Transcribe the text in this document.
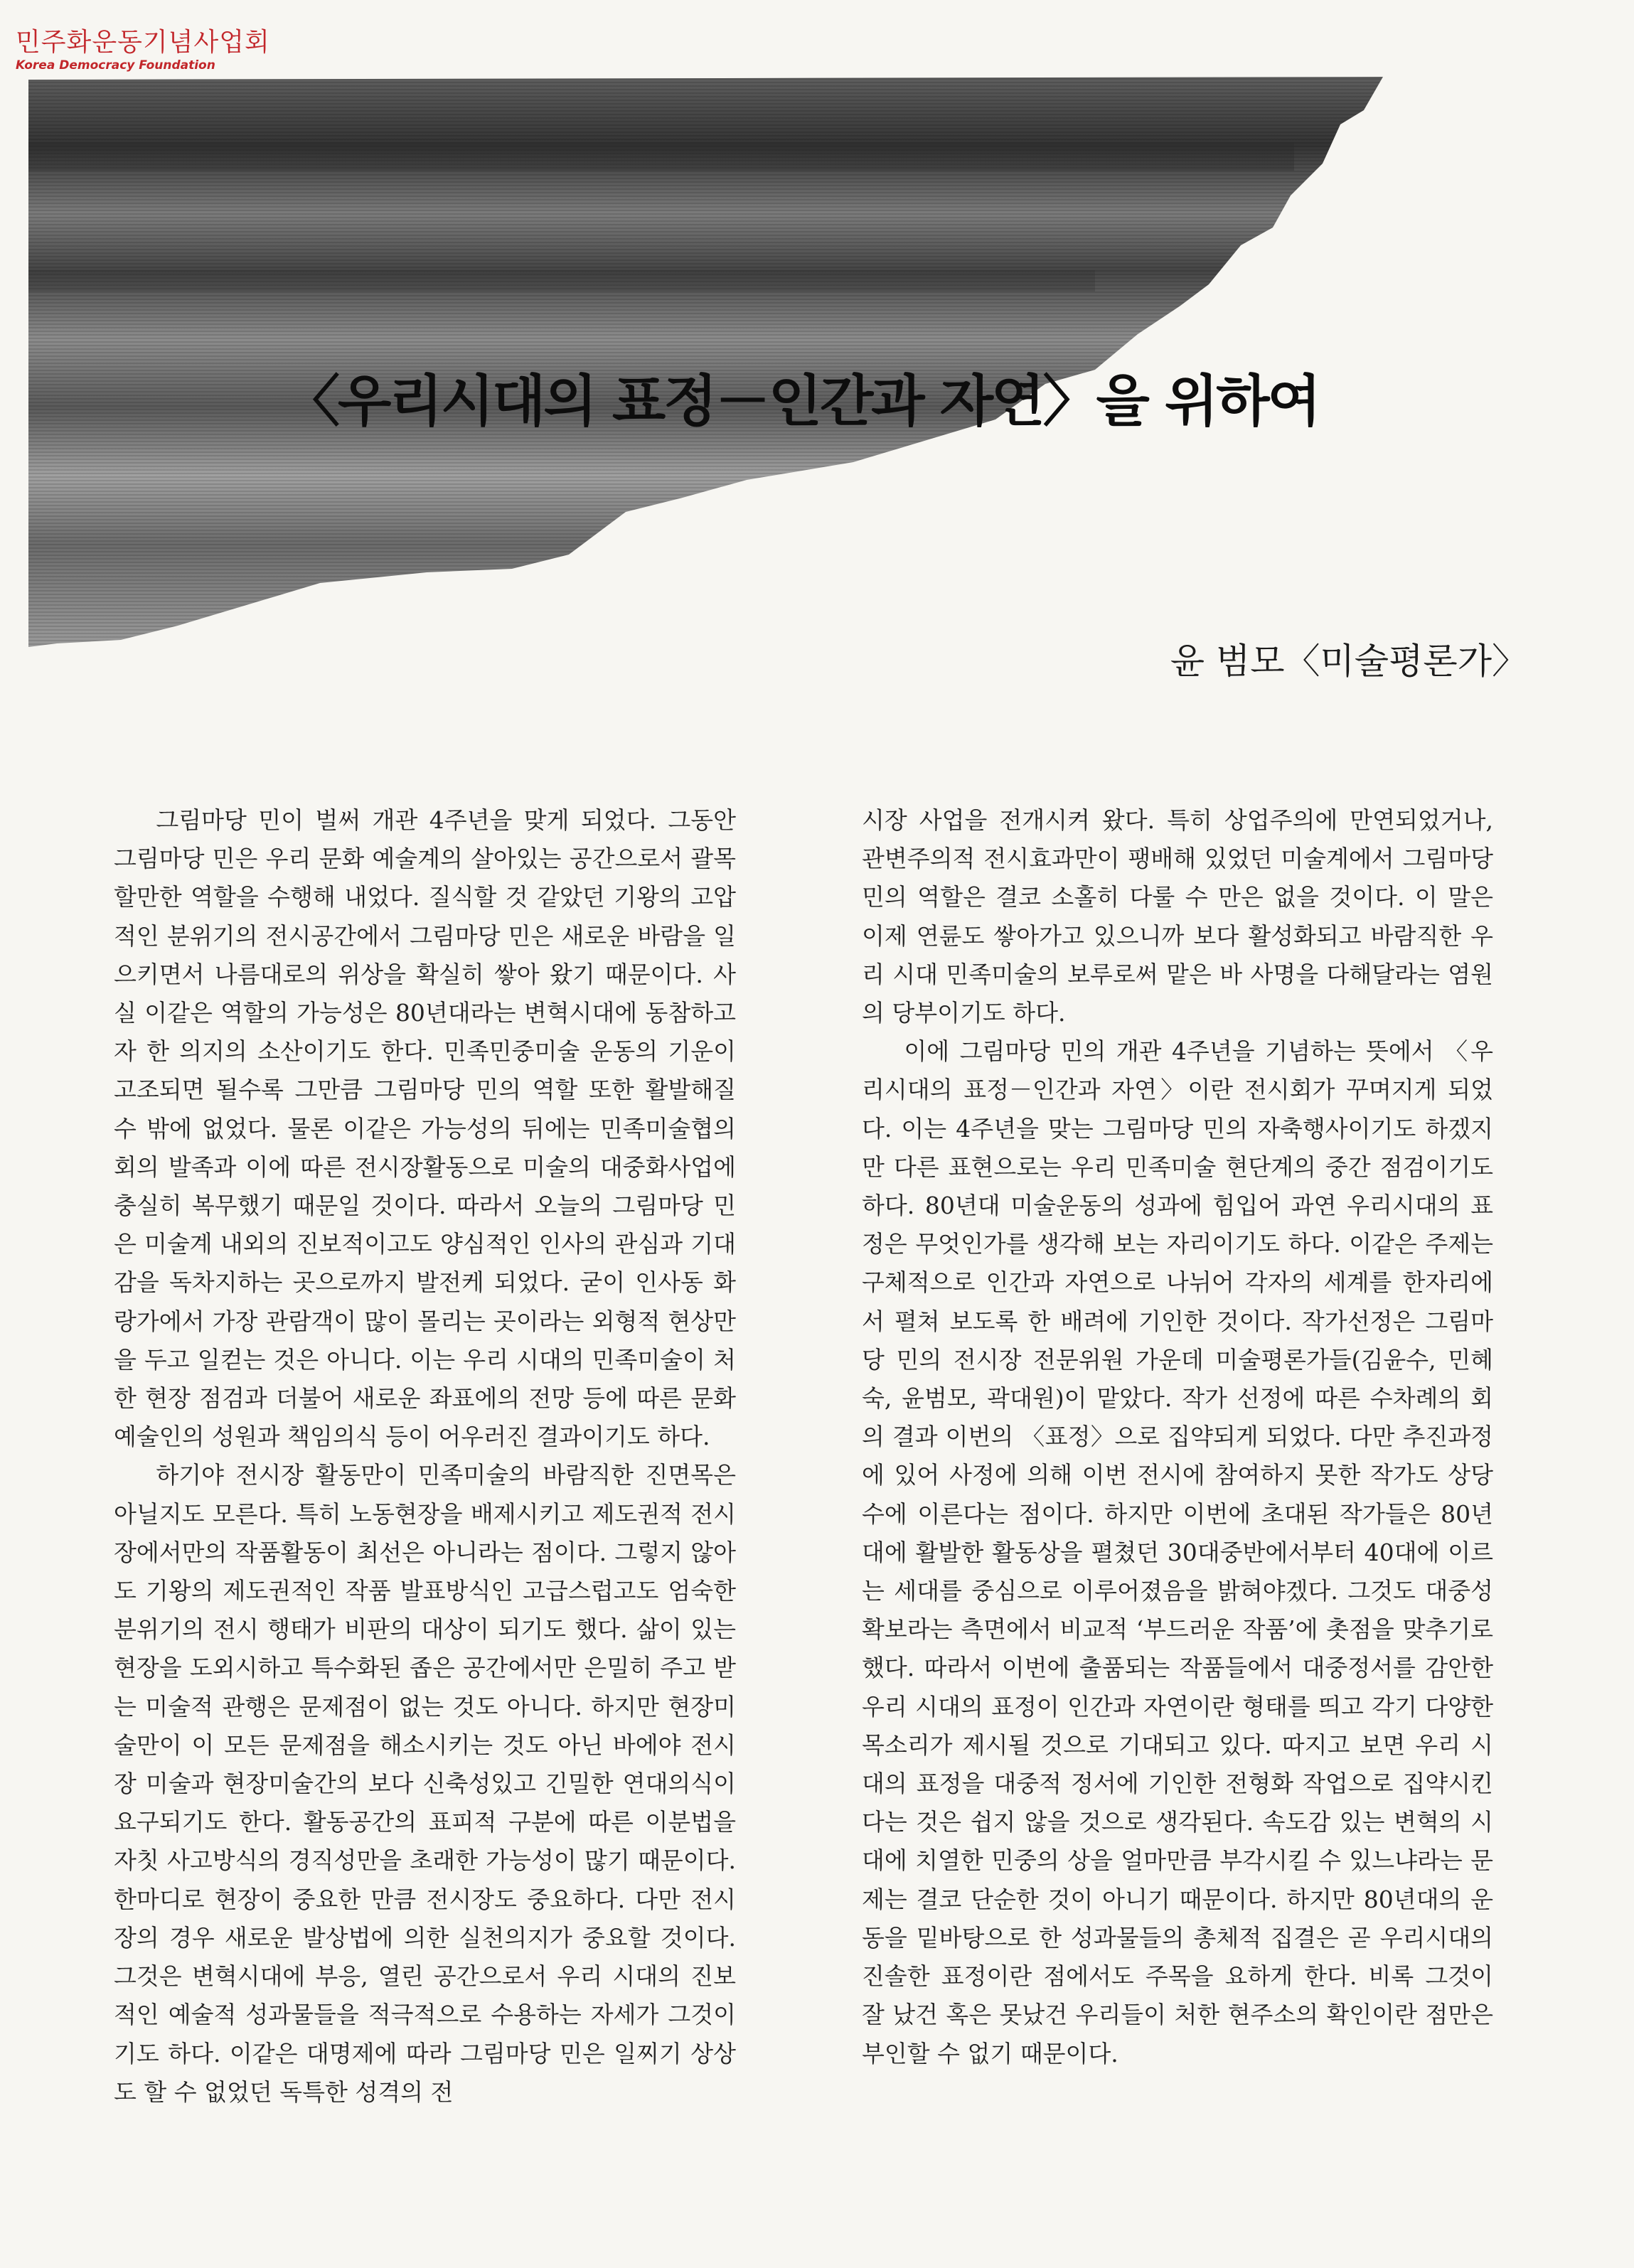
민주화운동기념사업회
Korea Democracy Foundation
〈우리시대의 표정－인간과 자연〉을 위하여
윤 범모〈미술평론가〉

그림마당 민이 벌써 개관 4주년을 맞게 되었다. 그동안 그림마당 민은 우리 문화 예술계의 살아있는 공간으로서 괄목할만한 역할을 수행해 내었다. 질식할 것 같았던 기왕의 고압적인 분위기의 전시공간에서 그림마당 민은 새로운 바람을 일으키면서 나름대로의 위상을 확실히 쌓아 왔기 때문이다. 사실 이같은 역할의 가능성은 80년대라는 변혁시대에 동참하고자 한 의지의 소산이기도 한다. 민족민중미술 운동의 기운이 고조되면 될수록 그만큼 그림마당 민의 역할 또한 활발해질 수 밖에 없었다. 물론 이같은 가능성의 뒤에는 민족미술협의회의 발족과 이에 따른 전시장활동으로 미술의 대중화사업에 충실히 복무했기 때문일 것이다. 따라서 오늘의 그림마당 민은 미술계 내외의 진보적이고도 양심적인 인사의 관심과 기대감을 독차지하는 곳으로까지 발전케 되었다. 굳이 인사동 화랑가에서 가장 관람객이 많이 몰리는 곳이라는 외형적 현상만을 두고 일컫는 것은 아니다. 이는 우리 시대의 민족미술이 처한 현장 점검과 더불어 새로운 좌표에의 전망 등에 따른 문화예술인의 성원과 책임의식 등이 어우러진 결과이기도 하다.

하기야 전시장 활동만이 민족미술의 바람직한 진면목은 아닐지도 모른다. 특히 노동현장을 배제시키고 제도권적 전시장에서만의 작품활동이 최선은 아니라는 점이다. 그렇지 않아도 기왕의 제도권적인 작품 발표방식인 고급스럽고도 엄숙한 분위기의 전시 행태가 비판의 대상이 되기도 했다. 삶이 있는 현장을 도외시하고 특수화된 좁은 공간에서만 은밀히 주고 받는 미술적 관행은 문제점이 없는 것도 아니다. 하지만 현장미술만이 이 모든 문제점을 해소시키는 것도 아닌 바에야 전시장 미술과 현장미술간의 보다 신축성있고 긴밀한 연대의식이 요구되기도 한다. 활동공간의 표피적 구분에 따른 이분법을 자칫 사고방식의 경직성만을 초래한 가능성이 많기 때문이다. 한마디로 현장이 중요한 만큼 전시장도 중요하다. 다만 전시장의 경우 새로운 발상법에 의한 실천의지가 중요할 것이다. 그것은 변혁시대에 부응, 열린 공간으로서 우리 시대의 진보적인 예술적 성과물들을 적극적으로 수용하는 자세가 그것이기도 하다. 이같은 대명제에 따라 그림마당 민은 일찌기 상상도 할 수 없었던 독특한 성격의 전

시장 사업을 전개시켜 왔다. 특히 상업주의에 만연되었거나, 관변주의적 전시효과만이 팽배해 있었던 미술계에서 그림마당 민의 역할은 결코 소홀히 다룰 수 만은 없을 것이다. 이 말은 이제 연륜도 쌓아가고 있으니까 보다 활성화되고 바람직한 우리 시대 민족미술의 보루로써 맡은 바 사명을 다해달라는 염원의 당부이기도 하다.

이에 그림마당 민의 개관 4주년을 기념하는 뜻에서 〈우리시대의 표정－인간과 자연〉이란 전시회가 꾸며지게 되었다. 이는 4주년을 맞는 그림마당 민의 자축행사이기도 하겠지만 다른 표현으로는 우리 민족미술 현단계의 중간 점검이기도 하다. 80년대 미술운동의 성과에 힘입어 과연 우리시대의 표정은 무엇인가를 생각해 보는 자리이기도 하다. 이같은 주제는 구체적으로 인간과 자연으로 나뉘어 각자의 세계를 한자리에서 펼쳐 보도록 한 배려에 기인한 것이다. 작가선정은 그림마당 민의 전시장 전문위원 가운데 미술평론가들(김윤수, 민혜숙, 윤범모, 곽대원)이 맡았다. 작가 선정에 따른 수차례의 회의 결과 이번의 〈표정〉으로 집약되게 되었다. 다만 추진과정에 있어 사정에 의해 이번 전시에 참여하지 못한 작가도 상당수에 이른다는 점이다. 하지만 이번에 초대된 작가들은 80년대에 활발한 활동상을 펼쳤던 30대중반에서부터 40대에 이르는 세대를 중심으로 이루어졌음을 밝혀야겠다. 그것도 대중성 확보라는 측면에서 비교적 ‘부드러운 작품’에 촛점을 맞추기로 했다. 따라서 이번에 출품되는 작품들에서 대중정서를 감안한 우리 시대의 표정이 인간과 자연이란 형태를 띄고 각기 다양한 목소리가 제시될 것으로 기대되고 있다. 따지고 보면 우리 시대의 표정을 대중적 정서에 기인한 전형화 작업으로 집약시킨다는 것은 쉽지 않을 것으로 생각된다. 속도감 있는 변혁의 시대에 치열한 민중의 상을 얼마만큼 부각시킬 수 있느냐라는 문제는 결코 단순한 것이 아니기 때문이다. 하지만 80년대의 운동을 밑바탕으로 한 성과물들의 총체적 집결은 곧 우리시대의 진솔한 표정이란 점에서도 주목을 요하게 한다. 비록 그것이 잘 났건 혹은 못났건 우리들이 처한 현주소의 확인이란 점만은 부인할 수 없기 때문이다.
